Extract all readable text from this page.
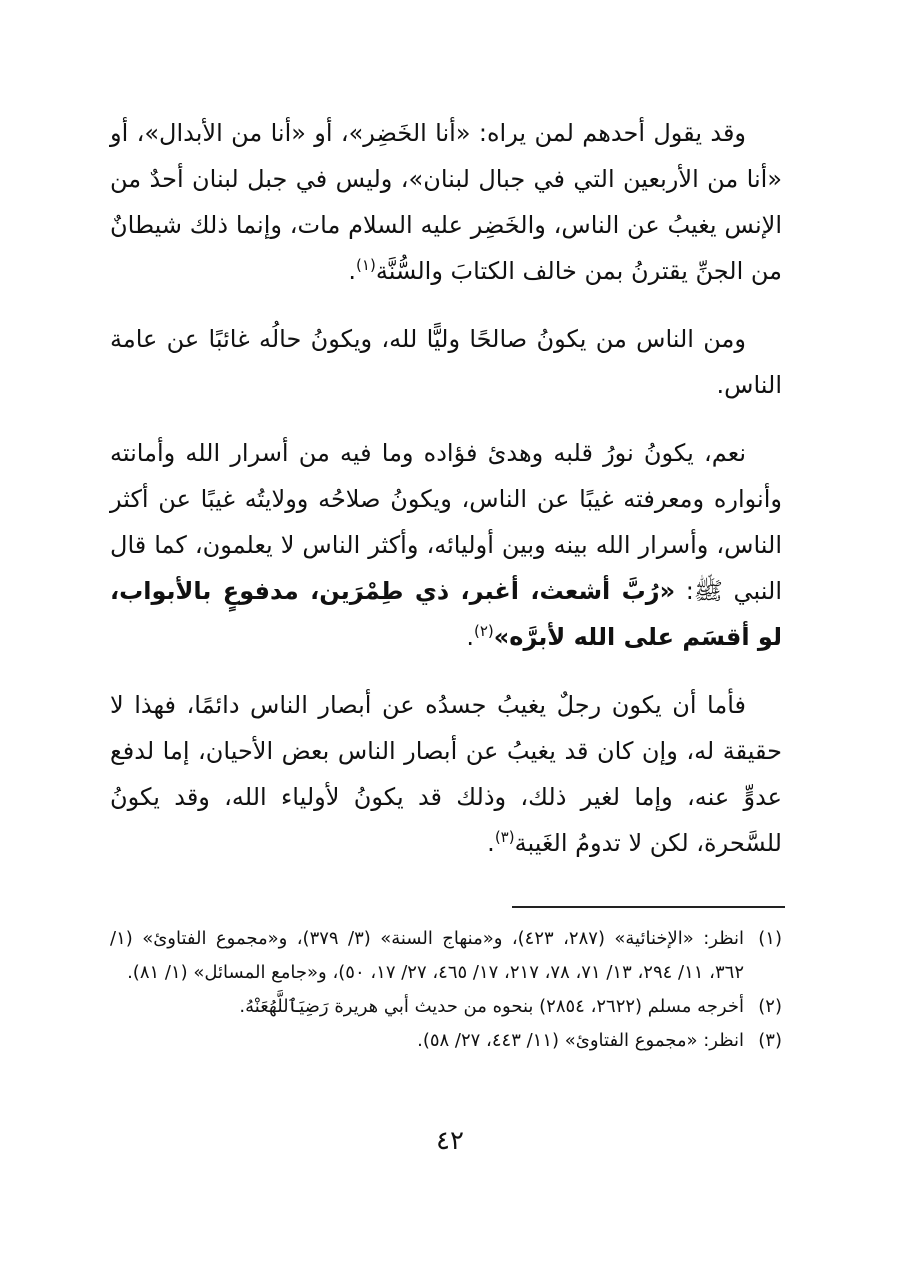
وقد يقول أحدهم لمن يراه: «أنا الخَضِر»، أو «أنا من الأبدال»، أو «أنا من الأربعين التي في جبال لبنان»، وليس في جبل لبنان أحدٌ من الإنس يغيبُ عن الناس، والخَضِر عليه السلام مات، وإنما ذلك شيطانٌ من الجنِّ يقترنُ بمن خالف الكتابَ والسُّنَّة$^{(١)}$.

ومن الناس من يكونُ صالحًا وليًّا لله، ويكونُ حالُه غائبًا عن عامة الناس.

نعم، يكونُ نورُ قلبه وهدئ فؤاده وما فيه من أسرار الله وأمانته وأنواره ومعرفته غيبًا عن الناس، ويكونُ صلاحُه وولايتُه غيبًا عن أكثر الناس، وأسرار الله بينه وبين أوليائه، وأكثر الناس لا يعلمون، كما قال النبي ﷺ: «رُبَّ أشعث، أغبر، ذي طِمْرَين، مدفوعٍ بالأبواب، لو أقسَم على الله لأبرَّه»$^{(٢)}$.

فأما أن يكون رجلٌ يغيبُ جسدُه عن أبصار الناس دائمًا، فهذا لا حقيقة له، وإن كان قد يغيبُ عن أبصار الناس بعض الأحيان، إما لدفع عدوٍّ عنه، وإما لغير ذلك، وذلك قد يكونُ لأولياء الله، وقد يكونُ للسَّحرة، لكن لا تدومُ الغَيبة$^{(٣)}$.

(١)
انظر: «الإخنائية» (٢٨٧، ٤٢٣)، و«منهاج السنة» (٣/ ٣٧٩)، و«مجموع الفتاوئ» (١/ ٣٦٢، ١١/ ٢٩٤، ١٣/ ٧١، ٧٨، ٢١٧، ١٧/ ٤٦٥، ٢٧/ ١٧، ٥٠)، و«جامع المسائل» (١/ ٨١).
(٢)
أخرجه مسلم (٢٦٢٢، ٢٨٥٤) بنحوه من حديث أبي هريرة رَضِيَٱللَّهُعَنْهُ.
(٣)
انظر: «مجموع الفتاوئ» (١١/ ٤٤٣، ٢٧/ ٥٨).
٤٢
